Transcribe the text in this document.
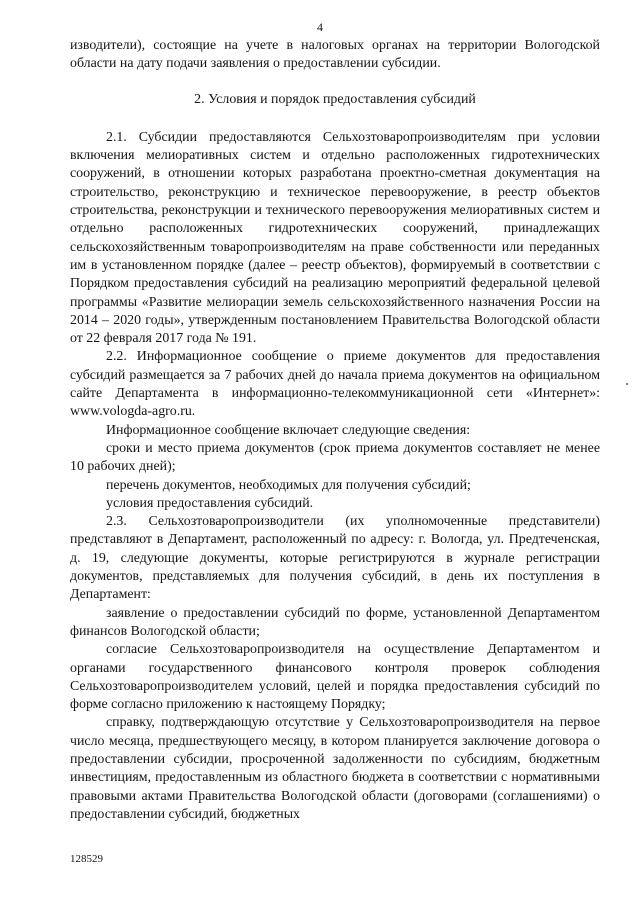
4

изводители), состоящие на учете в налоговых органах на территории Вологодской области на дату подачи заявления о предоставлении субсидии.

2. Условия и порядок предоставления субсидий

2.1. Субсидии предоставляются Сельхозтоваропроизводителям при условии включения мелиоративных систем и отдельно расположенных гидротехнических сооружений, в отношении которых разработана проектно-сметная документация на строительство, реконструкцию и техническое перевооружение, в реестр объектов строительства, реконструкции и технического перевооружения мелиоративных систем и отдельно расположенных гидротехнических сооружений, принадлежащих сельскохозяйственным товаропроизводителям на праве собственности или переданных им в установленном порядке (далее – реестр объектов), формируемый в соответствии с Порядком предоставления субсидий на реализацию мероприятий федеральной целевой программы «Развитие мелиорации земель сельскохозяйственного назначения России на 2014 – 2020 годы», утвержденным постановлением Правительства Вологодской области от 22 февраля 2017 года № 191.

2.2. Информационное сообщение о приеме документов для предоставления субсидий размещается за 7 рабочих дней до начала приема документов на официальном сайте Департамента в информационно-телекоммуникационной сети «Интернет»: www.vologda-agro.ru.

Информационное сообщение включает следующие сведения:

сроки и место приема документов (срок приема документов составляет не менее 10 рабочих дней);

перечень документов, необходимых для получения субсидий;

условия предоставления субсидий.

2.3. Сельхозтоваропроизводители (их уполномоченные представители) представляют в Департамент, расположенный по адресу: г. Вологда, ул. Предтеченская, д. 19, следующие документы, которые регистрируются в журнале регистрации документов, представляемых для получения субсидий, в день их поступления в Департамент:

заявление о предоставлении субсидий по форме, установленной Департаментом финансов Вологодской области;

согласие Сельхозтоваропроизводителя на осуществление Департаментом и органами государственного финансового контроля проверок соблюдения Сельхозтоваропроизводителем условий, целей и порядка предоставления субсидий по форме согласно приложению к настоящему Порядку;

справку, подтверждающую отсутствие у Сельхозтоваропроизводителя на первое число месяца, предшествующего месяцу, в котором планируется заключение договора о предоставлении субсидии, просроченной задолженности по субсидиям, бюджетным инвестициям, предоставленным из областного бюджета в соответствии с нормативными правовыми актами Правительства Вологодской области (договорами (соглашениями) о предоставлении субсидий, бюджетных

128529
